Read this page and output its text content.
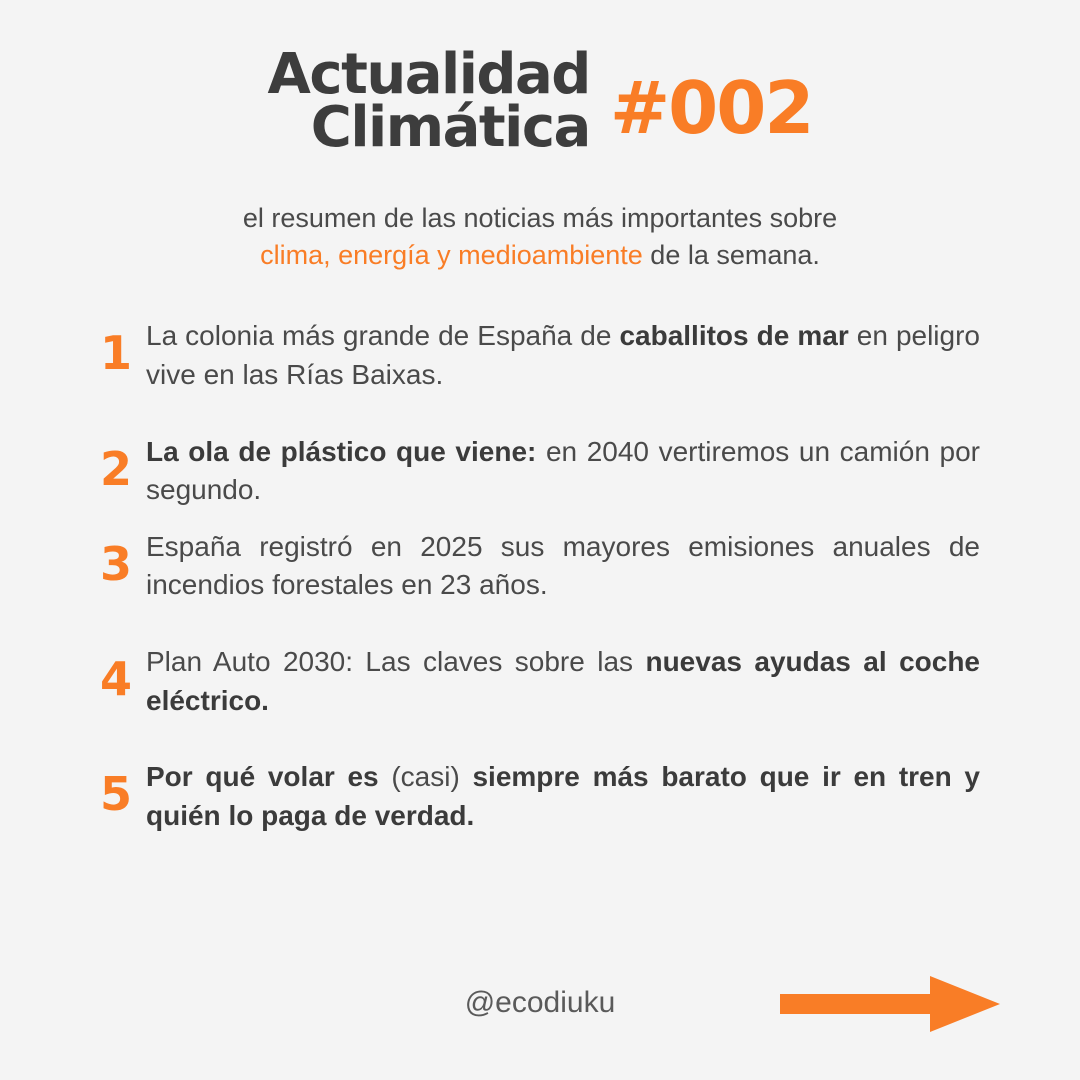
Actualidad
Climática #002
el resumen de las noticias más importantes sobre
clima, energía y medioambiente de la semana.
1 La colonia más grande de España de caballitos de mar en peligro vive en las Rías Baixas.
2 La ola de plástico que viene: en 2040 vertiremos un camión por segundo.
3 España registró en 2025 sus mayores emisiones anuales de incendios forestales en 23 años.
4 Plan Auto 2030: Las claves sobre las nuevas ayudas al coche eléctrico.
5 Por qué volar es (casi) siempre más barato que ir en tren y quién lo paga de verdad.
@ecodiuku
